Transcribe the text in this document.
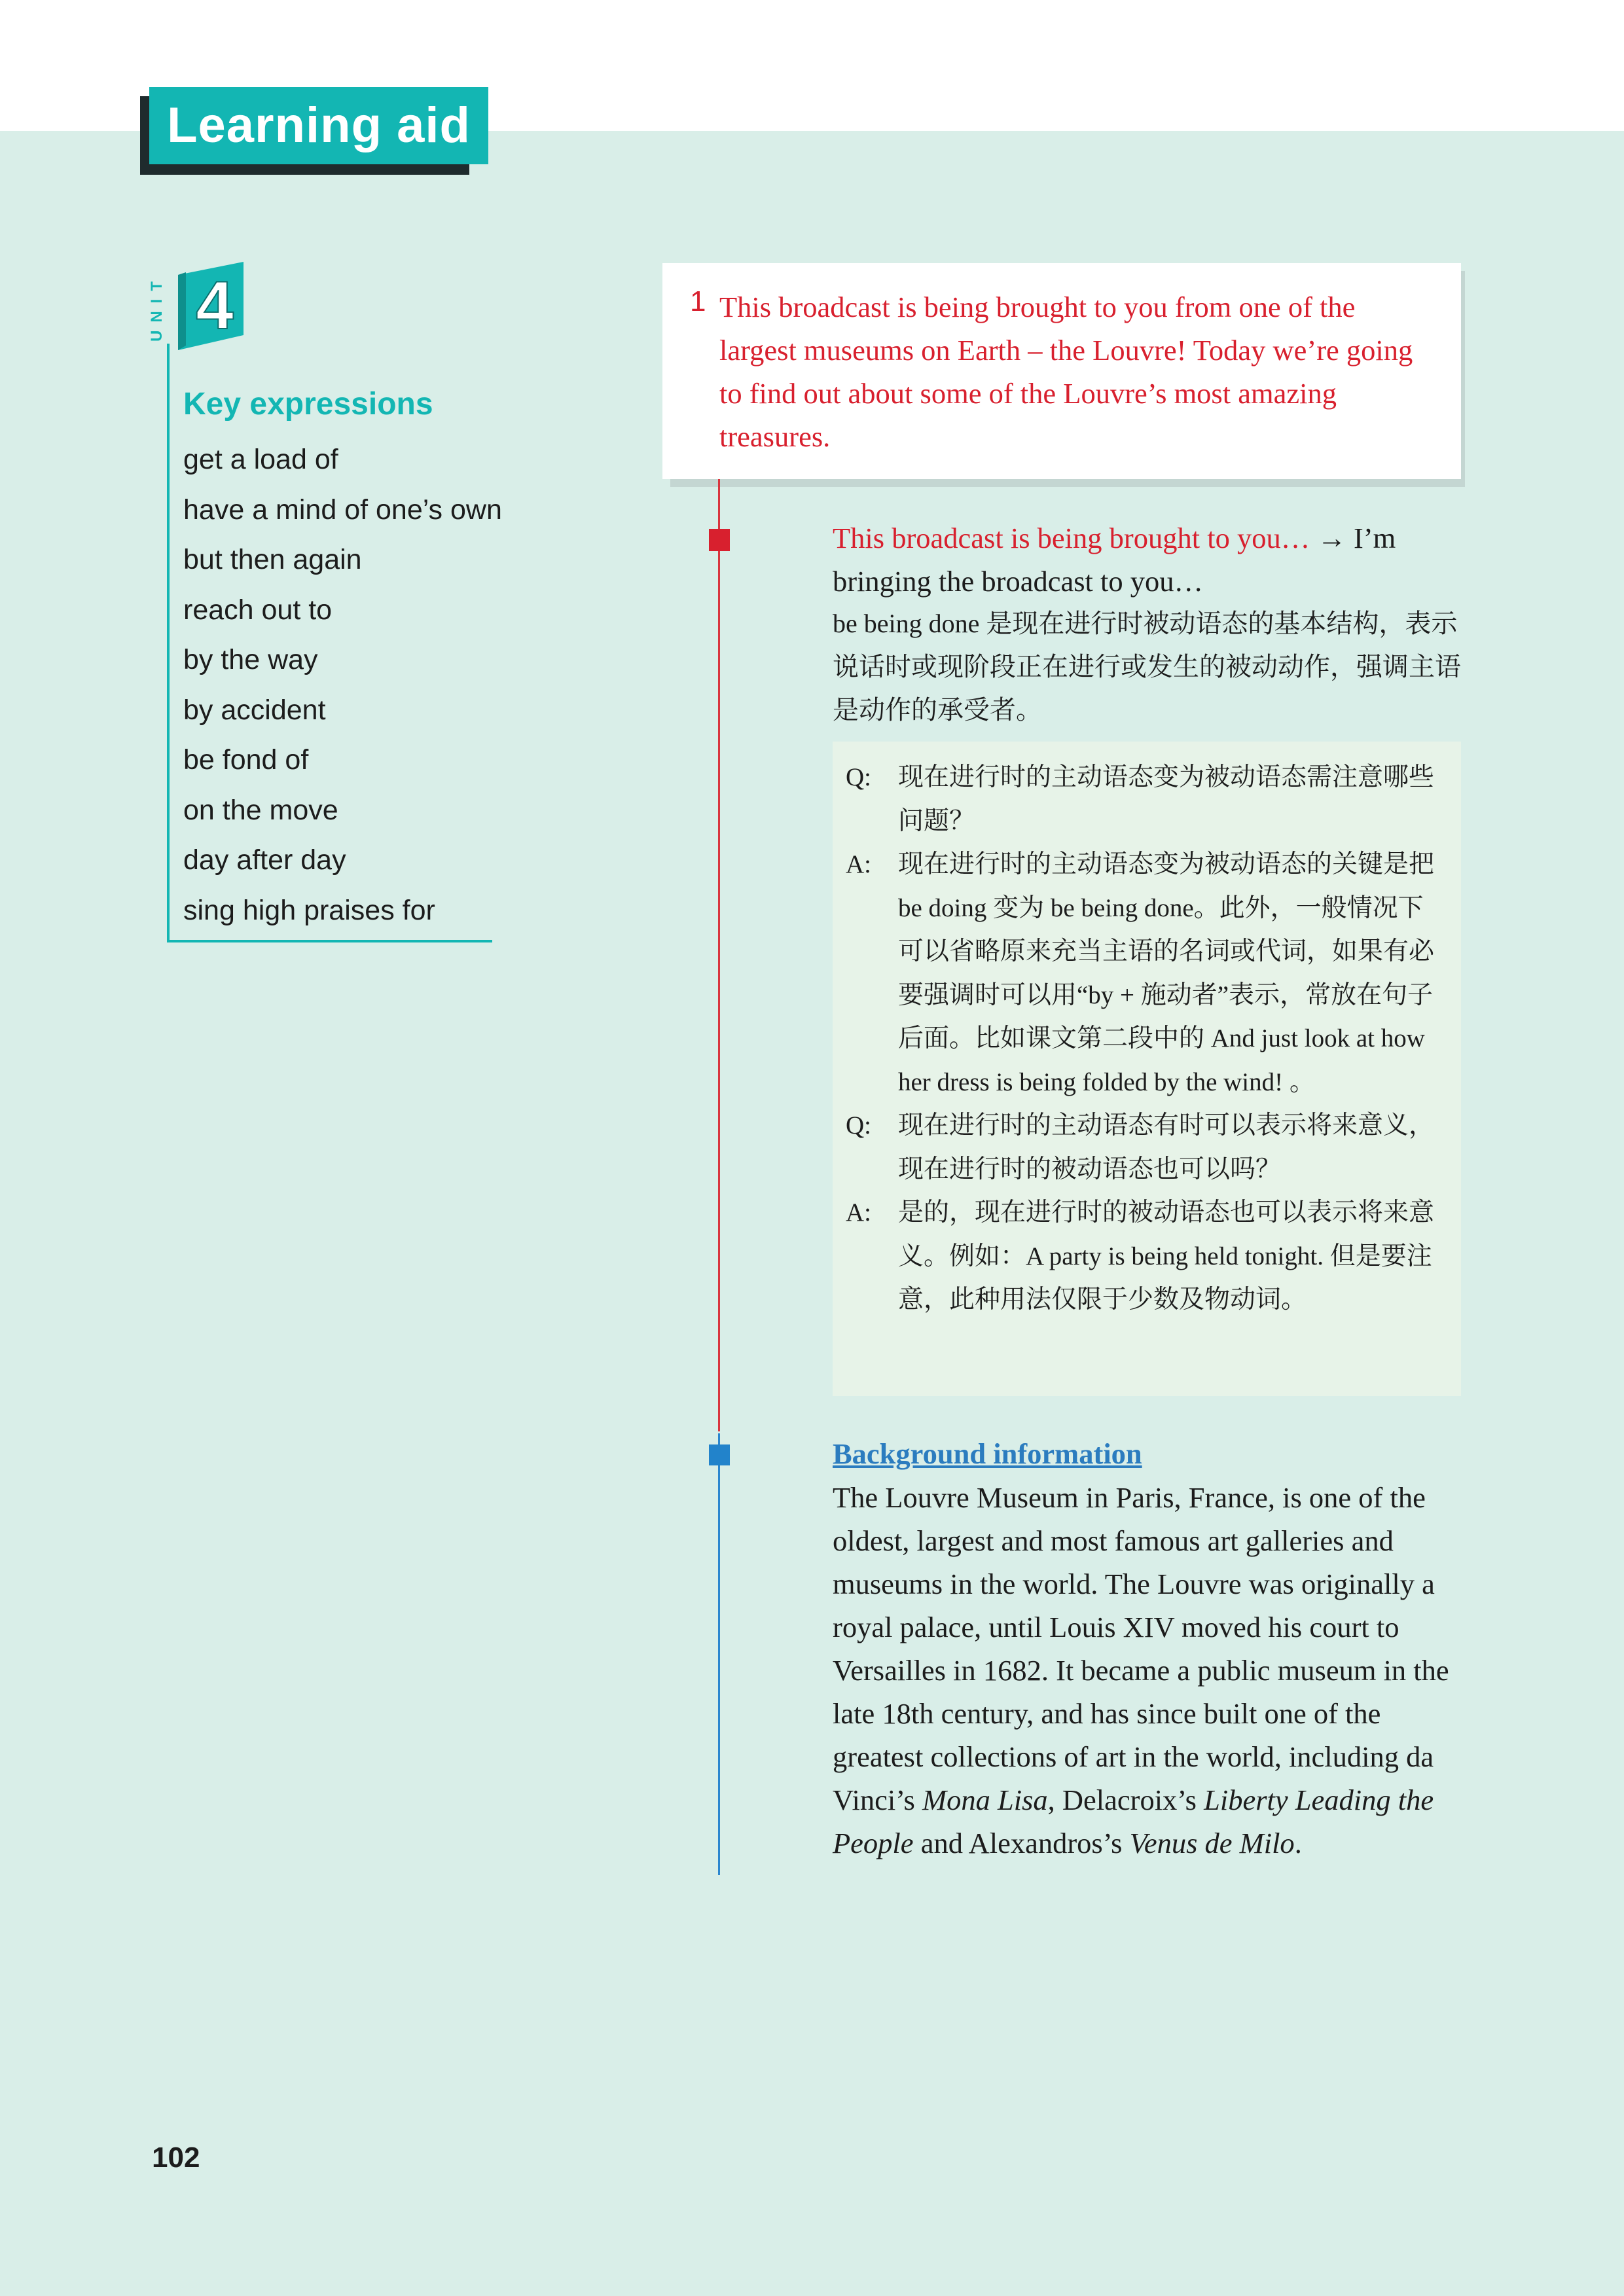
Learning aid
UNIT 4
Key expressions
get a load of
have a mind of one’s own
but then again
reach out to
by the way
by accident
be fond of
on the move
day after day
sing high praises for
1 This broadcast is being brought to you from one of the largest museums on Earth – the Louvre! Today we’re going to find out about some of the Louvre’s most amazing treasures.

This broadcast is being brought to you… → I’m bringing the broadcast to you…

be being done 是现在进行时被动语态的基本结构，表示说话时或现阶段正在进行或发生的被动动作，强调主语是动作的承受者。

Q: 现在进行时的主动语态变为被动语态需注意哪些问题？
A: 现在进行时的主动语态变为被动语态的关键是把 be doing 变为 be being done。此外，一般情况下可以省略原来充当主语的名词或代词，如果有必要强调时可以用“by + 施动者”表示，常放在句子后面。比如课文第二段中的 And just look at how her dress is being folded by the wind! 。
Q: 现在进行时的主动语态有时可以表示将来意义，现在进行时的被动语态也可以吗？
A: 是的，现在进行时的被动语态也可以表示将来意义。例如：A party is being held tonight. 但是要注意，此种用法仅限于少数及物动词。
Background information

The Louvre Museum in Paris, France, is one of the oldest, largest and most famous art galleries and museums in the world. The Louvre was originally a royal palace, until Louis XIV moved his court to Versailles in 1682. It became a public museum in the late 18th century, and has since built one of the greatest collections of art in the world, including da Vinci’s Mona Lisa, Delacroix’s Liberty Leading the People and Alexandros’s Venus de Milo.

102
